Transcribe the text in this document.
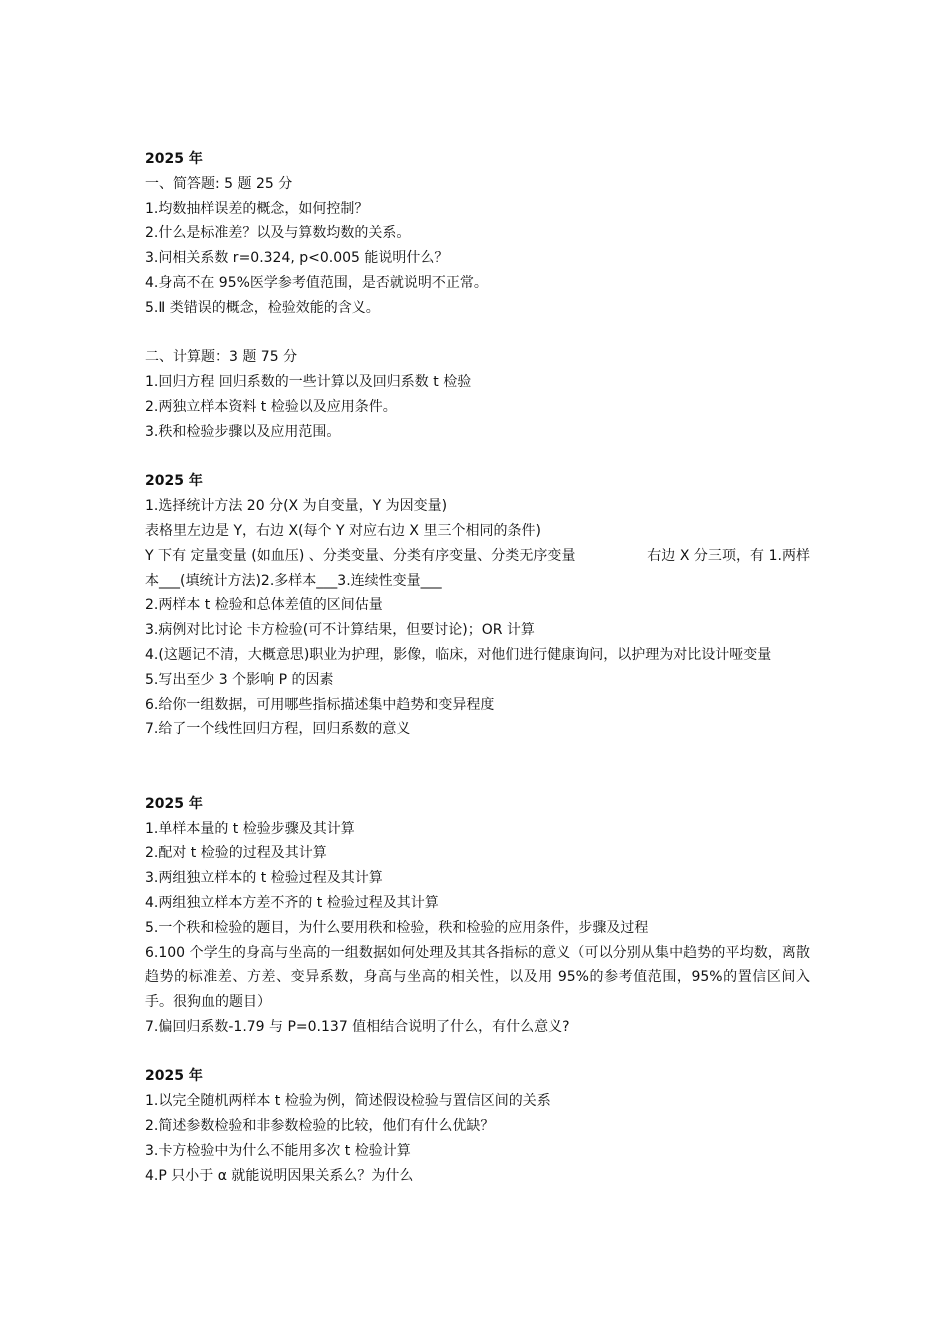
2025 年
一、简答题: 5 题 25 分
1.均数抽样误差的概念，如何控制？
2.什么是标准差？以及与算数均数的关系。
3.问相关系数 r=0.324, p<0.005 能说明什么？
4.身高不在 95%医学参考值范围，是否就说明不正常。
5.Ⅱ 类错误的概念，检验效能的含义。
二、计算题：3 题 75 分
1.回归方程 回归系数的一些计算以及回归系数 t 检验
2.两独立样本资料 t 检验以及应用条件。
3.秩和检验步骤以及应用范围。
2025 年
1.选择统计方法 20 分(X 为自变量，Y 为因变量)
表格里左边是 Y，右边 X(每个 Y 对应右边 X 里三个相同的条件)
Y 下有 定量变量 (如血压) 、分类变量、分类有序变量、分类无序变量                右边 X 分三项，有 1.两样本___(填统计方法)2.多样本___3.连续性变量___
2.两样本 t 检验和总体差值的区间估量
3.病例对比讨论 卡方检验(可不计算结果，但要讨论)；OR 计算
4.(这题记不清，大概意思)职业为护理，影像，临床，对他们进行健康询问，以护理为对比设计哑变量
5.写出至少 3 个影响 P 的因素
6.给你一组数据，可用哪些指标描述集中趋势和变异程度
7.给了一个线性回归方程，回归系数的意义
2025 年
1.单样本量的 t 检验步骤及其计算
2.配对 t 检验的过程及其计算
3.两组独立样本的 t 检验过程及其计算
4.两组独立样本方差不齐的 t 检验过程及其计算
5.一个秩和检验的题目，为什么要用秩和检验，秩和检验的应用条件，步骤及过程
6.100 个学生的身高与坐高的一组数据如何处理及其其各指标的意义（可以分别从集中趋势的平均数，离散趋势的标准差、方差、变异系数，身高与坐高的相关性，以及用 95%的参考值范围，95%的置信区间入手。很狗血的题目）
7.偏回归系数-1.79 与 P=0.137 值相结合说明了什么，有什么意义?
2025 年
1.以完全随机两样本 t 检验为例，简述假设检验与置信区间的关系
2.简述参数检验和非参数检验的比较，他们有什么优缺？
3.卡方检验中为什么不能用多次 t 检验计算
4.P 只小于 α 就能说明因果关系么？为什么
